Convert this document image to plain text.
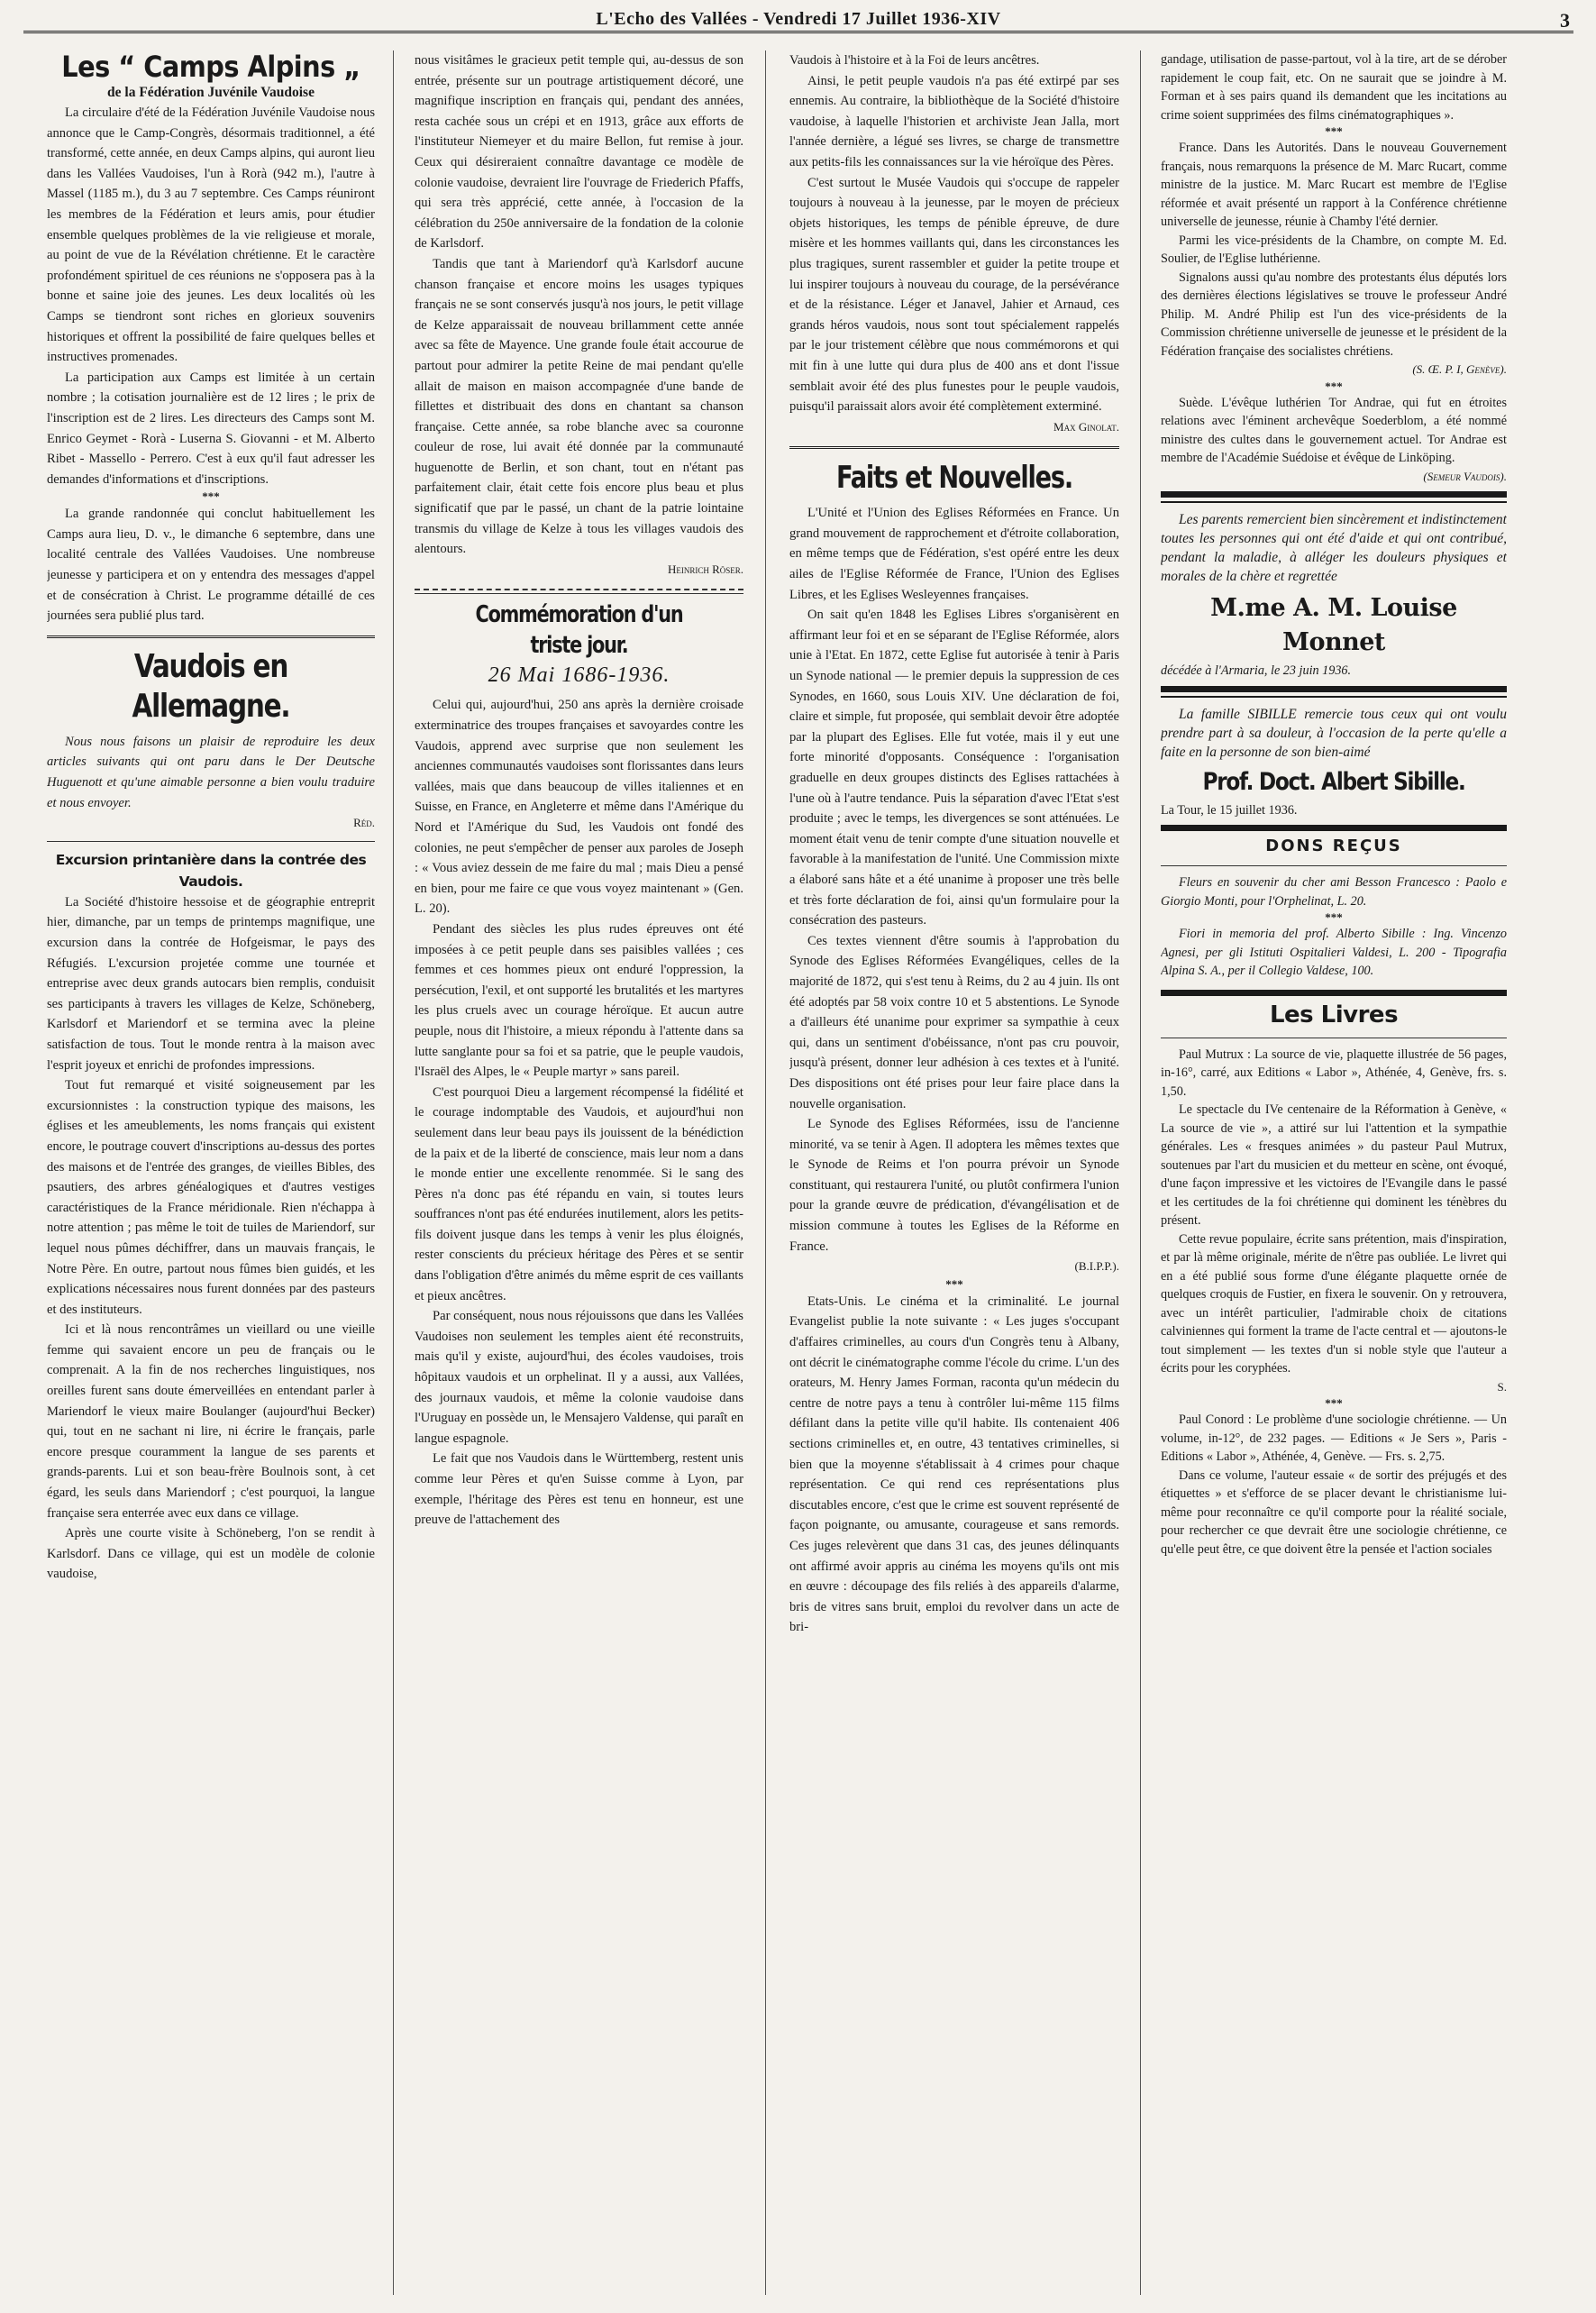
L'Echo des Vallées - Vendredi 17 Juillet 1936-XIV	3
Les “ Camps Alpins „
de la Fédération Juvénile Vaudoise

La circulaire d'été de la Fédération Juvénile Vaudoise nous annonce que le Camp-Congrès, désormais traditionnel, a été transformé, cette année, en deux Camps alpins, qui auront lieu dans les Vallées Vaudoises, l'un à Rorà (942 m.), l'autre à Massel (1185 m.), du 3 au 7 septembre. Ces Camps réuniront les membres de la Fédération et leurs amis, pour étudier ensemble quelques problèmes de la vie religieuse et morale, au point de vue de la Révélation chrétienne. Et le caractère profondément spirituel de ces réunions ne s'opposera pas à la bonne et saine joie des jeunes. Les deux localités où les Camps se tiendront sont riches en glorieux souvenirs historiques et offrent la possibilité de faire quelques belles et instructives promenades.

La participation aux Camps est limitée à un certain nombre ; la cotisation journalière est de 12 lires ; le prix de l'inscription est de 2 lires. Les directeurs des Camps sont M. Enrico Geymet - Rorà - Luserna S. Giovanni - et M. Alberto Ribet - Massello - Perrero. C'est à eux qu'il faut adresser les demandes d'informations et d'inscriptions.

***

La grande randonnée qui conclut habituellement les Camps aura lieu, D. v., le dimanche 6 septembre, dans une localité centrale des Vallées Vaudoises. Une nombreuse jeunesse y participera et on y entendra des messages d'appel et de consécration à Christ. Le programme détaillé de ces journées sera publié plus tard.

Vaudois en Allemagne.

Nous nous faisons un plaisir de reproduire les deux articles suivants qui ont paru dans le Der Deutsche Huguenott et qu'une aimable personne a bien voulu traduire et nous envoyer.

Réd.

Excursion printanière dans la contrée des Vaudois.

La Société d'histoire hessoise et de géographie entreprit hier, dimanche, par un temps de printemps magnifique, une excursion dans la contrée de Hofgeismar, le pays des Réfugiés. L'excursion projetée comme une tournée et entreprise avec deux grands autocars bien remplis, conduisit ses participants à travers les villages de Kelze, Schöneberg, Karlsdorf et Mariendorf et se termina avec la pleine satisfaction de tous. Tout le monde rentra à la maison avec l'esprit joyeux et enrichi de profondes impressions.

Tout fut remarqué et visité soigneusement par les excursionnistes : la construction typique des maisons, les églises et les ameublements, les noms français qui existent encore, le poutrage couvert d'inscriptions au-dessus des portes des maisons et de l'entrée des granges, de vieilles Bibles, des psautiers, des arbres généalogiques et d'autres vestiges caractéristiques de la France méridionale. Rien n'échappa à notre attention ; pas même le toit de tuiles de Mariendorf, sur lequel nous pûmes déchiffrer, dans un mauvais français, le Notre Père. En outre, partout nous fûmes bien guidés, et les explications nécessaires nous furent données par des pasteurs et des instituteurs.

Ici et là nous rencontrâmes un vieillard ou une vieille femme qui savaient encore un peu de français ou le comprenait. A la fin de nos recherches linguistiques, nos oreilles furent sans doute émerveillées en entendant parler à Mariendorf le vieux maire Boulanger (aujourd'hui Becker) qui, tout en ne sachant ni lire, ni écrire le français, parle encore presque couramment la langue de ses parents et grands-parents. Lui et son beau-frère Boulnois sont, à cet égard, les seuls dans Mariendorf ; c'est pourquoi, la langue française sera enterrée avec eux dans ce village.

Après une courte visite à Schöneberg, l'on se rendit à Karlsdorf. Dans ce village, qui est un modèle de colonie vaudoise,

nous visitâmes le gracieux petit temple qui, au-dessus de son entrée, présente sur un poutrage artistiquement décoré, une magnifique inscription en français qui, pendant des années, resta cachée sous un crépi et en 1913, grâce aux efforts de l'instituteur Niemeyer et du maire Bellon, fut remise à jour. Ceux qui désireraient connaître davantage ce modèle de colonie vaudoise, devraient lire l'ouvrage de Friederich Pfaffs, qui sera très apprécié, cette année, à l'occasion de la célébration du 250e anniversaire de la fondation de la colonie de Karlsdorf.

Tandis que tant à Mariendorf qu'à Karlsdorf aucune chanson française et encore moins les usages typiques français ne se sont conservés jusqu'à nos jours, le petit village de Kelze apparaissait de nouveau brillamment cette année avec sa fête de Mayence. Une grande foule était accourue de partout pour admirer la petite Reine de mai pendant qu'elle allait de maison en maison accompagnée d'une bande de fillettes et distribuait des dons en chantant sa chanson française. Cette année, sa robe blanche avec sa couronne couleur de rose, lui avait été donnée par la communauté huguenotte de Berlin, et son chant, tout en n'étant pas parfaitement clair, était cette fois encore plus beau et plus significatif que par le passé, un chant de la patrie lointaine transmis du village de Kelze à tous les villages vaudois des alentours.

Heinrich Röser.

Commémoration d'un triste jour.
26 Mai 1686-1936.

Celui qui, aujourd'hui, 250 ans après la dernière croisade exterminatrice des troupes françaises et savoyardes contre les Vaudois, apprend avec surprise que non seulement les anciennes communautés vaudoises sont florissantes dans leurs vallées, mais que dans beaucoup de villes italiennes et en Suisse, en France, en Angleterre et même dans l'Amérique du Nord et l'Amérique du Sud, les Vaudois ont fondé des colonies, ne peut s'empêcher de penser aux paroles de Joseph : « Vous aviez dessein de me faire du mal ; mais Dieu a pensé en bien, pour me faire ce que vous voyez maintenant » (Gen. L. 20).

Pendant des siècles les plus rudes épreuves ont été imposées à ce petit peuple dans ses paisibles vallées ; ces femmes et ces hommes pieux ont enduré l'oppression, la persécution, l'exil, et ont supporté les brutalités et les martyres les plus cruels avec un courage héroïque. Et aucun autre peuple, nous dit l'histoire, a mieux répondu à l'attente dans sa lutte sanglante pour sa foi et sa patrie, que le peuple vaudois, l'Israël des Alpes, le « Peuple martyr » sans pareil.

C'est pourquoi Dieu a largement récompensé la fidélité et le courage indomptable des Vaudois, et aujourd'hui non seulement dans leur beau pays ils jouissent de la bénédiction de la paix et de la liberté de conscience, mais leur nom a dans le monde entier une excellente renommée. Si le sang des Pères n'a donc pas été répandu en vain, si toutes leurs souffrances n'ont pas été endurées inutilement, alors les petits-fils doivent jusque dans les temps à venir les plus éloignés, rester conscients du précieux héritage des Pères et se sentir dans l'obligation d'être animés du même esprit de ces vaillants et pieux ancêtres.

Par conséquent, nous nous réjouissons que dans les Vallées Vaudoises non seulement les temples aient été reconstruits, mais qu'il y existe, aujourd'hui, des écoles vaudoises, trois hôpitaux vaudois et un orphelinat. Il y a aussi, aux Vallées, des journaux vaudois, et même la colonie vaudoise dans l'Uruguay en possède un, le Mensajero Valdense, qui paraît en langue espagnole.

Le fait que nos Vaudois dans le Württemberg, restent unis comme leur Pères et qu'en Suisse comme à Lyon, par exemple, l'héritage des Pères est tenu en honneur, est une preuve de l'attachement des

Vaudois à l'histoire et à la Foi de leurs ancêtres.

Ainsi, le petit peuple vaudois n'a pas été extirpé par ses ennemis. Au contraire, la bibliothèque de la Société d'histoire vaudoise, à laquelle l'historien et archiviste Jean Jalla, mort l'année dernière, a légué ses livres, se charge de transmettre aux petits-fils les connaissances sur la vie héroïque des Pères.

C'est surtout le Musée Vaudois qui s'occupe de rappeler toujours à nouveau à la jeunesse, par le moyen de précieux objets historiques, les temps de pénible épreuve, de dure misère et les hommes vaillants qui, dans les circonstances les plus tragiques, surent rassembler et guider la petite troupe et lui inspirer toujours à nouveau du courage, de la persévérance et de la résistance. Léger et Janavel, Jahier et Arnaud, ces grands héros vaudois, nous sont tout spécialement rappelés par le jour tristement célèbre que nous commémorons et qui mit fin à une lutte qui dura plus de 400 ans et dont l'issue semblait avoir été des plus funestes pour le peuple vaudois, puisqu'il paraissait alors avoir été complètement exterminé.

Max Ginolat.

Faits et Nouvelles.

L'Unité et l'Union des Eglises Réformées en France. Un grand mouvement de rapprochement et d'étroite collaboration, en même temps que de Fédération, s'est opéré entre les deux ailes de l'Eglise Réformée de France, l'Union des Eglises Libres, et les Eglises Wesleyennes françaises.

On sait qu'en 1848 les Eglises Libres s'organisèrent en affirmant leur foi et en se séparant de l'Eglise Réformée, alors unie à l'Etat. En 1872, cette Eglise fut autorisée à tenir à Paris un Synode national — le premier depuis la suppression de ces Synodes, en 1660, sous Louis XIV. Une déclaration de foi, claire et simple, fut proposée, qui semblait devoir être adoptée par la plupart des Eglises. Elle fut votée, mais il y eut une forte minorité d'opposants. Conséquence : l'organisation graduelle en deux groupes distincts des Eglises rattachées à l'une où à l'autre tendance. Puis la séparation d'avec l'Etat s'est produite ; avec le temps, les divergences se sont atténuées. Le moment était venu de tenir compte d'une situation nouvelle et favorable à la manifestation de l'unité. Une Commission mixte a élaboré sans hâte et a été unanime à proposer une très belle et très forte déclaration de foi, ainsi qu'un formulaire pour la consécration des pasteurs.

Ces textes viennent d'être soumis à l'approbation du Synode des Eglises Réformées Evangéliques, celles de la majorité de 1872, qui s'est tenu à Reims, du 2 au 4 juin. Ils ont été adoptés par 58 voix contre 10 et 5 abstentions. Le Synode a d'ailleurs été unanime pour exprimer sa sympathie à ceux qui, dans un sentiment d'obéissance, n'ont pas cru pouvoir, jusqu'à présent, donner leur adhésion à ces textes et à l'unité. Des dispositions ont été prises pour leur faire place dans la nouvelle organisation.

Le Synode des Eglises Réformées, issu de l'ancienne minorité, va se tenir à Agen. Il adoptera les mêmes textes que le Synode de Reims et l'on pourra prévoir un Synode constituant, qui restaurera l'unité, ou plutôt confirmera l'union pour la grande œuvre de prédication, d'évangélisation et de mission commune à toutes les Eglises de la Réforme en France.

(B.I.P.P.).

***

Etats-Unis. Le cinéma et la criminalité. Le journal Evangelist publie la note suivante : « Les juges s'occupant d'affaires criminelles, au cours d'un Congrès tenu à Albany, ont décrit le cinématographe comme l'école du crime. L'un des orateurs, M. Henry James Forman, raconta qu'un médecin du centre de notre pays a tenu à contrôler lui-même 115 films défilant dans la petite ville qu'il habite. Ils contenaient 406 sections criminelles et, en outre, 43 tentatives criminelles, si bien que la moyenne s'établissait à 4 crimes pour chaque représentation. Ce qui rend ces représentations plus discutables encore, c'est que le crime est souvent représenté de façon poignante, ou amusante, courageuse et sans remords. Ces juges relevèrent que dans 31 cas, des jeunes délinquants ont affirmé avoir appris au cinéma les moyens qu'ils ont mis en œuvre : découpage des fils reliés à des appareils d'alarme, bris de vitres sans bruit, emploi du revolver dans un acte de bri-

gandage, utilisation de passe-partout, vol à la tire, art de se dérober rapidement le coup fait, etc. On ne saurait que se joindre à M. Forman et à ses pairs quand ils demandent que les incitations au crime soient supprimées des films cinématographiques ».

***

France. Dans les Autorités. Dans le nouveau Gouvernement français, nous remarquons la présence de M. Marc Rucart, comme ministre de la justice. M. Marc Rucart est membre de l'Eglise réformée et avait présenté un rapport à la Conférence chrétienne universelle de jeunesse, réunie à Chamby l'été dernier.

Parmi les vice-présidents de la Chambre, on compte M. Ed. Soulier, de l'Eglise luthérienne.

Signalons aussi qu'au nombre des protestants élus députés lors des dernières élections législatives se trouve le professeur André Philip. M. André Philip est l'un des vice-présidents de la Commission chrétienne universelle de jeunesse et le président de la Fédération française des socialistes chrétiens.

(S. Œ. P. I, Genève).

***

Suède. L'évêque luthérien Tor Andrae, qui fut en étroites relations avec l'éminent archevêque Soederblom, a été nommé ministre des cultes dans le gouvernement actuel. Tor Andrae est membre de l'Académie Suédoise et évêque de Linköping.

(Semeur Vaudois).

Les parents remercient bien sincèrement et indistinctement toutes les personnes qui ont été d'aide et qui ont contribué, pendant la maladie, à alléger les douleurs physiques et morales de la chère et regrettée

M.me A. M. Louise Monnet

décédée à l'Armaria, le 23 juin 1936.

La famille SIBILLE remercie tous ceux qui ont voulu prendre part à sa douleur, à l'occasion de la perte qu'elle a faite en la personne de son bien-aimé

Prof. Doct. Albert Sibille.

La Tour, le 15 juillet 1936.

DONS REÇUS

Fleurs en souvenir du cher ami Besson Francesco : Paolo e Giorgio Monti, pour l'Orphelinat, L. 20.

***

Fiori in memoria del prof. Alberto Sibille : Ing. Vincenzo Agnesi, per gli Istituti Ospitalieri Valdesi, L. 200 - Tipografia Alpina S. A., per il Collegio Valdese, 100.

Les Livres

Paul Mutrux : La source de vie, plaquette illustrée de 56 pages, in-16°, carré, aux Editions « Labor », Athénée, 4, Genève, frs. s. 1,50.

Le spectacle du IVe centenaire de la Réformation à Genève, « La source de vie », a attiré sur lui l'attention et la sympathie générales. Les « fresques animées » du pasteur Paul Mutrux, soutenues par l'art du musicien et du metteur en scène, ont évoqué, d'une façon impressive et les victoires de l'Evangile dans le passé et les certitudes de la foi chrétienne qui dominent les ténèbres du présent.

Cette revue populaire, écrite sans prétention, mais d'inspiration, et par là même originale, mérite de n'être pas oubliée. Le livret qui en a été publié sous forme d'une élégante plaquette ornée de quelques croquis de Fustier, en fixera le souvenir. On y retrouvera, avec un intérêt particulier, l'admirable choix de citations calviniennes qui forment la trame de l'acte central et — ajoutons-le tout simplement — les textes d'un si noble style que l'auteur a écrits pour les coryphées.

S.

***

Paul Conord : Le problème d'une sociologie chrétienne. — Un volume, in-12°, de 232 pages. — Editions « Je Sers », Paris - Editions « Labor », Athénée, 4, Genève. — Frs. s. 2,75.

Dans ce volume, l'auteur essaie « de sortir des préjugés et des étiquettes » et s'efforce de se placer devant le christianisme lui-même pour reconnaître ce qu'il comporte pour la réalité sociale, pour rechercher ce que devrait être une sociologie chrétienne, ce qu'elle peut être, ce que doivent être la pensée et l'action sociales
